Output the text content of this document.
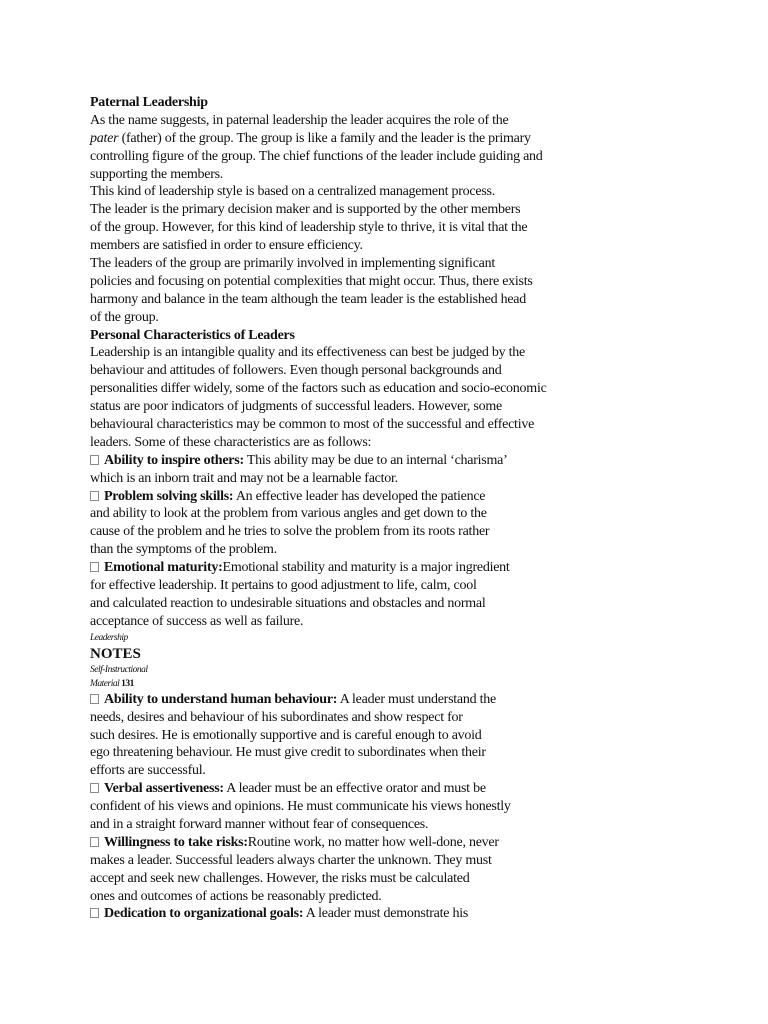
Paternal Leadership
As the name suggests, in paternal leadership the leader acquires the role of the
pater (father) of the group. The group is like a family and the leader is the primary
controlling figure of the group. The chief functions of the leader include guiding and
supporting the members.
This kind of leadership style is based on a centralized management process.
The leader is the primary decision maker and is supported by the other members
of the group. However, for this kind of leadership style to thrive, it is vital that the
members are satisfied in order to ensure efficiency.
The leaders of the group are primarily involved in implementing significant
policies and focusing on potential complexities that might occur. Thus, there exists
harmony and balance in the team although the team leader is the established head
of the group.
Personal Characteristics of Leaders
Leadership is an intangible quality and its effectiveness can best be judged by the
behaviour and attitudes of followers. Even though personal backgrounds and
personalities differ widely, some of the factors such as education and socio-economic
status are poor indicators of judgments of successful leaders. However, some
behavioural characteristics may be common to most of the successful and effective
leaders. Some of these characteristics are as follows:
Ability to inspire others: This ability may be due to an internal ‘charisma’
which is an inborn trait and may not be a learnable factor.
Problem solving skills: An effective leader has developed the patience
and ability to look at the problem from various angles and get down to the
cause of the problem and he tries to solve the problem from its roots rather
than the symptoms of the problem.
Emotional maturity:Emotional stability and maturity is a major ingredient
for effective leadership. It pertains to good adjustment to life, calm, cool
and calculated reaction to undesirable situations and obstacles and normal
acceptance of success as well as failure.
Leadership
NOTES
Self-Instructional
Material 131
Ability to understand human behaviour: A leader must understand the
needs, desires and behaviour of his subordinates and show respect for
such desires. He is emotionally supportive and is careful enough to avoid
ego threatening behaviour. He must give credit to subordinates when their
efforts are successful.
Verbal assertiveness: A leader must be an effective orator and must be
confident of his views and opinions. He must communicate his views honestly
and in a straight forward manner without fear of consequences.
Willingness to take risks:Routine work, no matter how well-done, never
makes a leader. Successful leaders always charter the unknown. They must
accept and seek new challenges. However, the risks must be calculated
ones and outcomes of actions be reasonably predicted.
Dedication to organizational goals: A leader must demonstrate his
